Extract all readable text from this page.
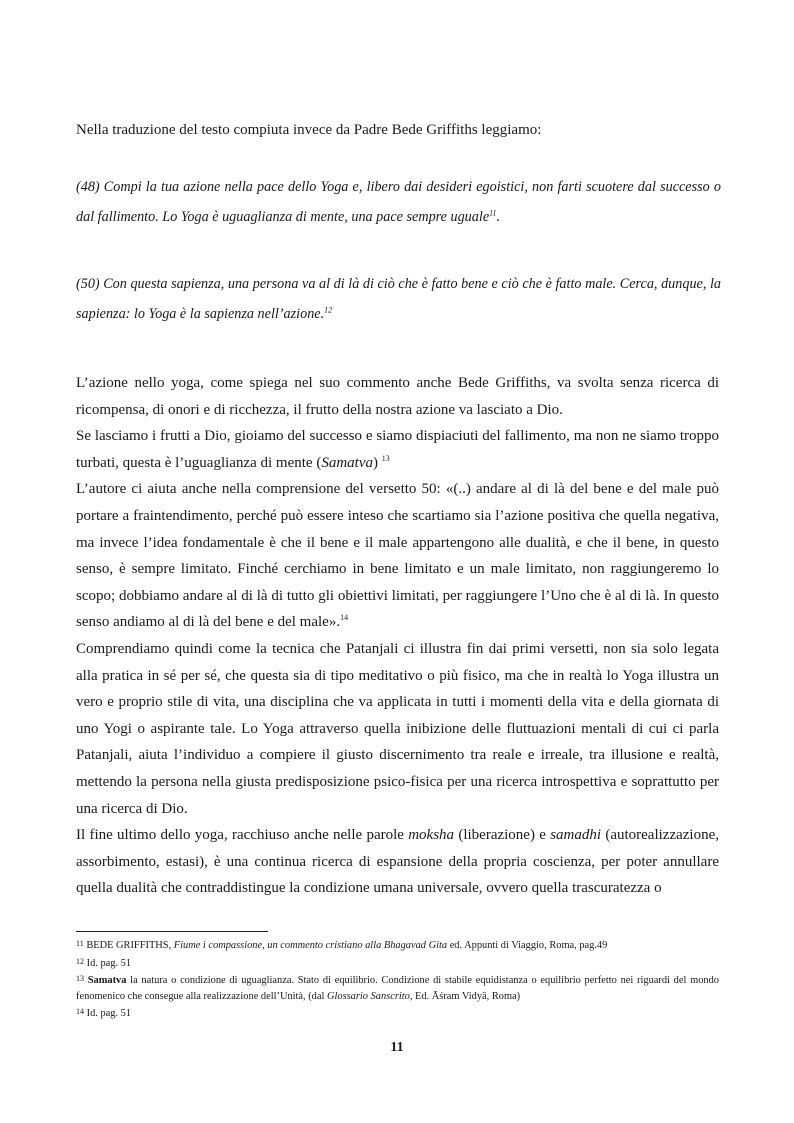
Nella traduzione del testo compiuta invece da Padre Bede Griffiths leggiamo:

(48) Compi la tua azione nella pace dello Yoga e, libero dai desideri egoistici, non farti scuotere dal successo o dal fallimento. Lo Yoga è uguaglianza di mente, una pace sempre uguale$^{11}$.

(50) Con questa sapienza, una persona va al di là di ciò che è fatto bene e ciò che è fatto male. Cerca, dunque, la sapienza: lo Yoga è la sapienza nell’azione.$^{12}$

L’azione nello yoga, come spiega nel suo commento anche Bede Griffiths, va svolta senza ricerca di ricompensa, di onori e di ricchezza, il frutto della nostra azione va lasciato a Dio.

Se lasciamo i frutti a Dio, gioiamo del successo e siamo dispiaciuti del fallimento, ma non ne siamo troppo turbati, questa è l’uguaglianza di mente (Samatva) $^{13}$

L’autore ci aiuta anche nella comprensione del versetto 50: «(..) andare al di là del bene e del male può portare a fraintendimento, perché può essere inteso che scartiamo sia l’azione positiva che quella negativa, ma invece l’idea fondamentale è che il bene e il male appartengono alle dualità, e che il bene, in questo senso, è sempre limitato. Finché cerchiamo in bene limitato e un male limitato, non raggiungeremo lo scopo; dobbiamo andare al di là di tutto gli obiettivi limitati, per raggiungere l’Uno che è al di là. In questo senso andiamo al di là del bene e del male».$^{14}$

Comprendiamo quindi come la tecnica che Patanjali ci illustra fin dai primi versetti, non sia solo legata alla pratica in sé per sé, che questa sia di tipo meditativo o più fisico, ma che in realtà lo Yoga illustra un vero e proprio stile di vita, una disciplina che va applicata in tutti i momenti della vita e della giornata di uno Yogi o aspirante tale. Lo Yoga attraverso quella inibizione delle fluttuazioni mentali di cui ci parla Patanjali, aiuta l’individuo a compiere il giusto discernimento tra reale e irreale, tra illusione e realtà, mettendo la persona nella giusta predisposizione psico-fisica per una ricerca introspettiva e soprattutto per una ricerca di Dio.

Il fine ultimo dello yoga, racchiuso anche nelle parole moksha (liberazione) e samadhi (autorealizzazione, assorbimento, estasi), è una continua ricerca di espansione della propria coscienza, per poter annullare quella dualità che contraddistingue la condizione umana universale, ovvero quella trascuratezza o

11 BEDE GRIFFITHS, Fiume i compassione, un commento cristiano alla Bhagavad Gita ed. Appunti di Viaggio, Roma, pag.49

12 Id. pag. 51

13 Samatva la natura o condizione di uguaglianza. Stato di equilibrio. Condizione di stabile equidistanza o equilibrio perfetto nei riguardi del mondo fenomenico che consegue alla realizzazione dell’Unità, (dal Glossario Sanscrito, Ed. Āśram Vidyā, Roma)

14 Id. pag. 51

11
